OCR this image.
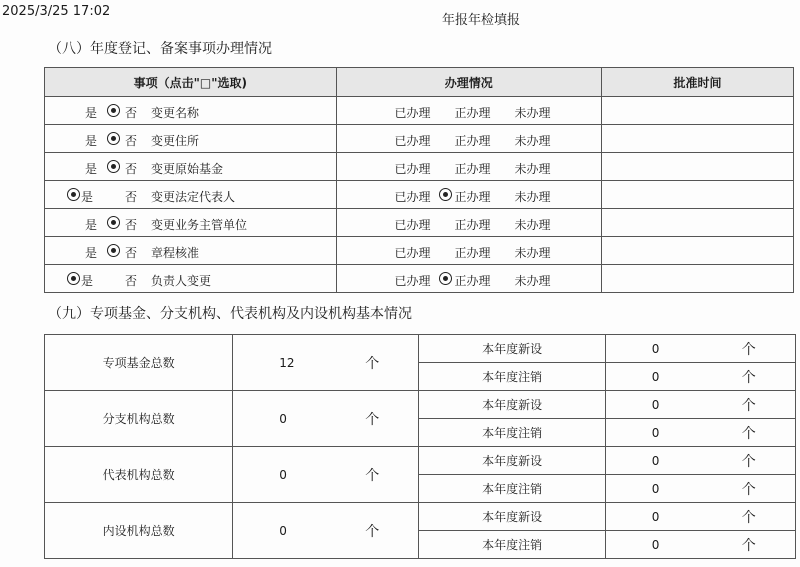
2025/3/25 17:02
年报年检填报
（八）年度登记、备案事项办理情况
事项（点击"□"选取)	办理情况	批准时间

是 否 变更名称	已办理 正办理 未办理	

是 否 变更住所	已办理 正办理 未办理	

是 否 变更原始基金	已办理 正办理 未办理	

是 否 变更法定代表人	已办理 正办理 未办理	

是 否 变更业务主管单位	已办理 正办理 未办理	

是 否 章程核准	已办理 正办理 未办理	

是 否 负责人变更	已办理 正办理 未办理	

（九）专项基金、分支机构、代表机构及内设机构基本情况
专项基金总数	12 个	本年度新设	0 个

		本年度注销	0 个

分支机构总数	0 个	本年度新设	0 个

		本年度注销	0 个

代表机构总数	0 个	本年度新设	0 个

		本年度注销	0 个

内设机构总数	0 个	本年度新设	0 个

		本年度注销	0 个
